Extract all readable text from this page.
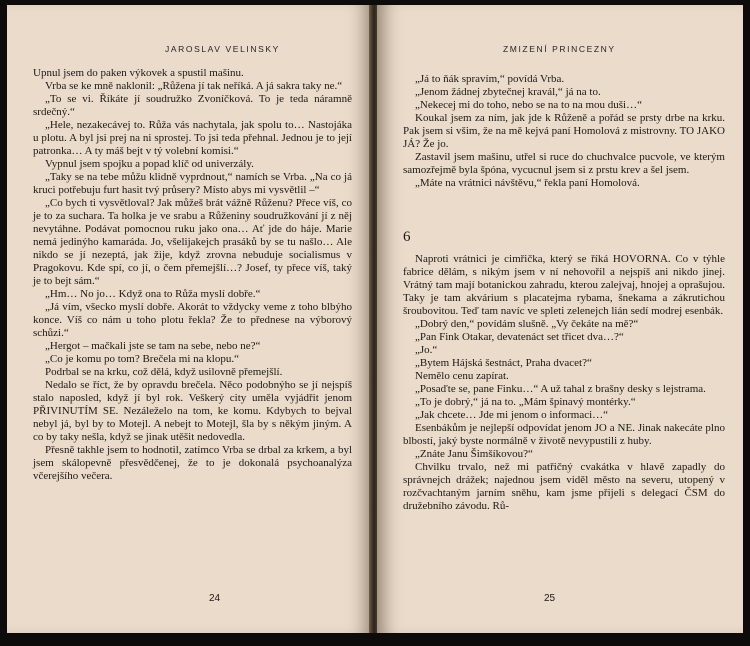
JAROSLAV VELINSKY

Upnul jsem do paken výkovek a spustil mašinu.

Vrba se ke mně naklonil: „Růžena jí tak neříká. A já sakra taky ne.“

„To se vi. Říkáte jí soudružko Zvoníčková. To je teda náramně srdečný.“

„Hele, nezakecávej to. Růža vás nachytala, jak spolu to… Nastojáka u plotu. A byl jsi prej na ni sprostej. To jsi teda přehnal. Jednou je to její patronka… A ty máš bejt v tý volební komisi.“

Vypnul jsem spojku a popad klíč od univerzály.

„Taky se na tebe můžu klidně vyprdnout,“ namích se Vrba. „Na co já kruci potřebuju furt hasit tvý průsery? Místo abys mi vysvětlil –“

„Co bych ti vysvětloval? Jak můžeš brát vážně Růženu? Přece víš, co je to za suchara. Ta holka je ve srabu a Růženiny soudružkování jí z něj nevytáhne. Podávat pomocnou ruku jako ona… Ať jde do háje. Marie nemá jedinýho kamaráda. Jo, všelijakejch prasáků by se tu našlo… Ale nikdo se jí nezeptá, jak žije, když zrovna nebuduje socialismus v Pragokovu. Kde spí, co jí, o čem přemejšlí…? Josef, ty přece víš, taký je to bejt sám.“

„Hm… No jo… Když ona to Růža myslí dobře.“

„Já vím, všecko myslí dobře. Akorát to vždycky veme z toho blbýho konce. Víš co nám u toho plotu řekla? Že to přednese na výborový schůzi.“

„Hergot – mačkali jste se tam na sebe, nebo ne?“

„Co je komu po tom? Brečela mi na klopu.“

Podrbal se na krku, což dělá, když usilovně přemejšlí.

Nedalo se říct, že by opravdu brečela. Něco podobnýho se jí nejspíš stalo naposled, když jí byl rok. Veškerý city uměla vyjádřit jenom PŘIVINUTÍM SE. Nezáleželo na tom, ke komu. Kdybych to bejval nebyl já, byl by to Motejl. A nebejt to Motejl, šla by s někým jiným. A co by taky nešla, když se jinak utěšit nedovedla.

Přesně takhle jsem to hodnotil, zatímco Vrba se drbal za krkem, a byl jsem skálopevně přesvědčenej, že to je dokonalá psychoanalýza včerejšího večera.

24
ZMIZENÍ PRINCEZNY

„Já to ňák spravím,“ povídá Vrba.

„Jenom žádnej zbytečnej kravál,“ já na to.

„Nekecej mi do toho, nebo se na to na mou duši…“

Koukal jsem za ním, jak jde k Růženě a pořád se prsty drbe na krku. Pak jsem si všim, že na mě kejvá paní Homolová z mistrovny. TO JAKO JÁ? Že jo.

Zastavil jsem mašinu, utřel si ruce do chuchvalce pucvole, ve kterým samozřejmě byla špóna, vycucnul jsem si z prstu krev a šel jsem.

„Máte na vrátnici návštěvu,“ řekla paní Homolová.

6

Naproti vrátnici je cimřička, který se říká HOVORNA. Co v týhle fabrice dělám, s nikým jsem v ní nehovořil a nejspíš ani nikdo jinej. Vrátný tam mají botanickou zahradu, kterou zalejvaj, hnojej a oprašujou. Taky je tam akvárium s placatejma rybama, šnekama a zákrutichou šroubovitou. Teď tam navíc ve spleti zelenejch lián sedí modrej esenbák.

„Dobrý den,“ povídám slušně. „Vy čekáte na mě?“

„Pan Fink Otakar, devatenáct set třicet dva…?“

„Jo.“

„Bytem Hájská šestnáct, Praha dvacet?“

Nemělo cenu zapírat.

„Posaďte se, pane Finku…“ A už tahal z brašny desky s lejstrama.

„To je dobrý,“ já na to. „Mám špinavý montérky.“

„Jak chcete… Jde mi jenom o informaci…“

Esenbákům je nejlepší odpovídat jenom JO a NE. Jinak nakecáte plno blbostí, jaký byste normálně v životě nevypustili z huby.

„Znáte Janu Šimšíkovou?“

Chvilku trvalo, než mi patřičný cvakátka v hlavě zapadly do správnejch drážek; najednou jsem viděl město na severu, utopený v rozčvachtaným jarním sněhu, kam jsme přijeli s delegací ČSM do družebního závodu. Rů-

25
